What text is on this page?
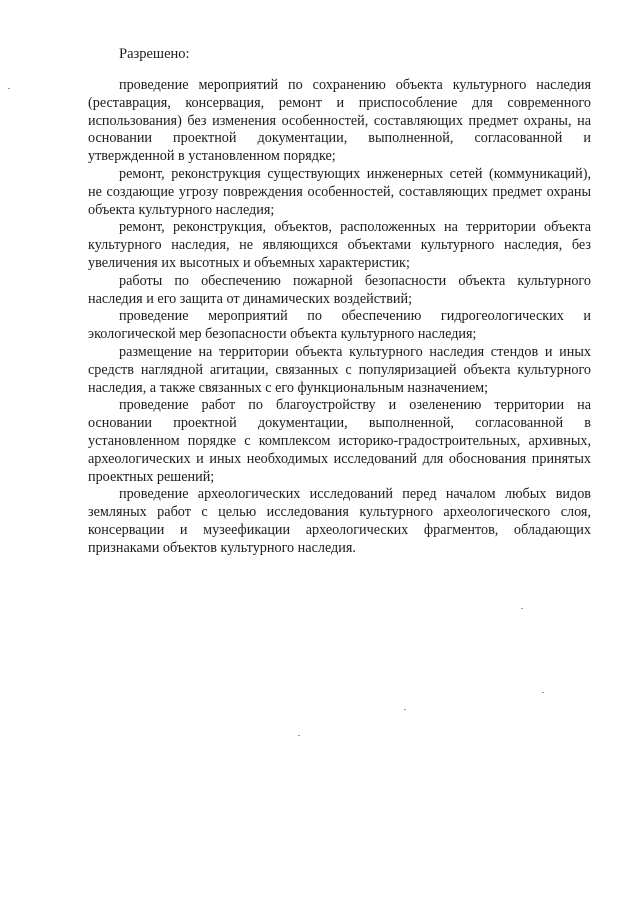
Разрешено:

проведение мероприятий по сохранению объекта культурного наследия (реставрация, консервация, ремонт и приспособление для современного использования) без изменения особенностей, составляющих предмет охраны, на основании проектной документации, выполненной, согласованной и утвержденной в установленном порядке;

ремонт, реконструкция существующих инженерных сетей (коммуникаций), не создающие угрозу повреждения особенностей, составляющих предмет охраны объекта культурного наследия;

ремонт, реконструкция, объектов, расположенных на территории объекта культурного наследия, не являющихся объектами культурного наследия, без увеличения их высотных и объемных характеристик;

работы по обеспечению пожарной безопасности объекта культурного наследия и его защита от динамических воздействий;

проведение мероприятий по обеспечению гидрогеологических и экологической мер безопасности объекта культурного наследия;

размещение на территории объекта культурного наследия стендов и иных средств наглядной агитации, связанных с популяризацией объекта культурного наследия, а также связанных с его функциональным назначением;

проведение работ по благоустройству и озеленению территории на основании проектной документации, выполненной, согласованной в установленном порядке с комплексом историко-градостроительных, архивных, археологических и иных необходимых исследований для обоснования принятых проектных решений;

проведение археологических исследований перед началом любых видов земляных работ с целью исследования культурного археологического слоя, консервации и музеефикации археологических фрагментов, обладающих признаками объектов культурного наследия.
